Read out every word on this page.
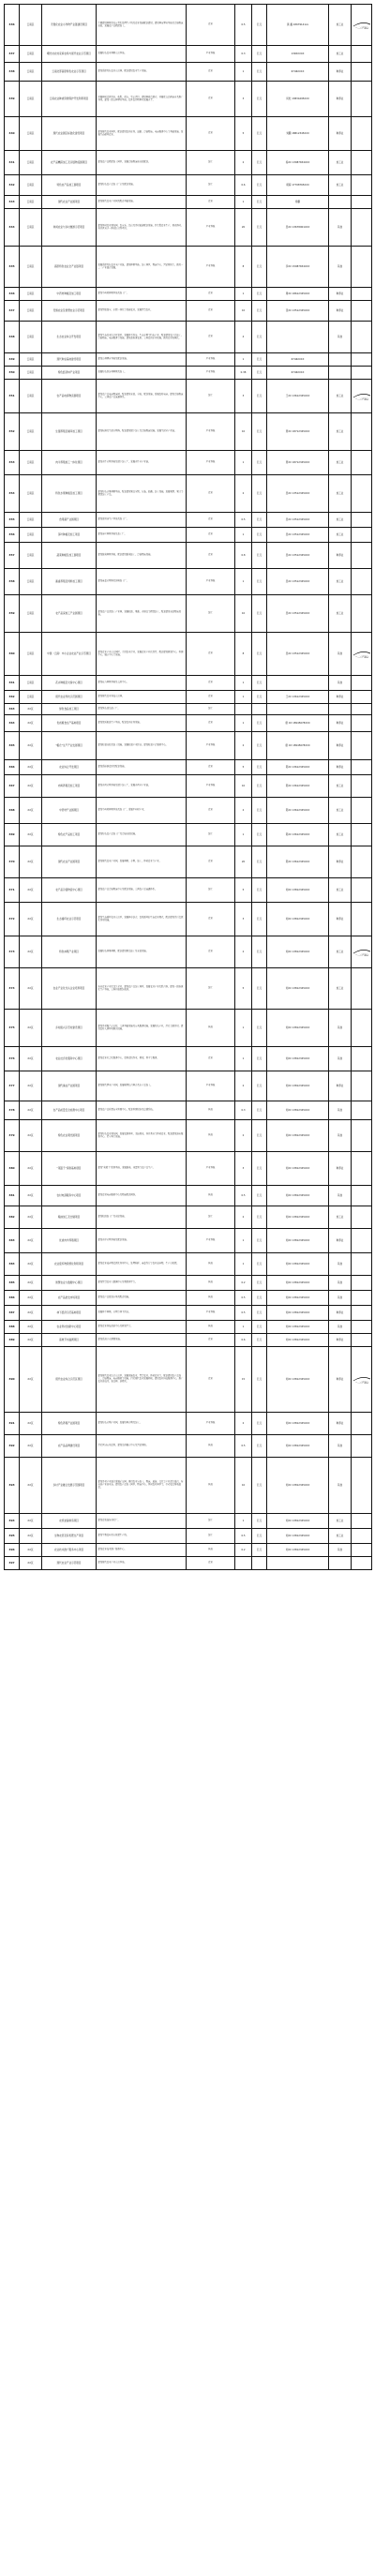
336	云南区	无毒化农业小作物产业链建设项目	主要建设种植及无公害化处理生产线及农业设施配套建设，建设种苗繁育基地及冷链物流仓储，发展农产品精深加工。	农业	0.5	亿元	黄 鑫 18679141xx	加工业	一二三产融合

337	云南区	曙光村农村家庭农场与现代农业示范项目	发展特色农业种植示范基地。	产业基地	0.3	亿元	139XXXXX	加工业	
338	云南区	云南北部高原特色农业示范项目	建设高原特色农业示范园，配套建设农业生产设施。	农业	1	亿元	6746XXXX	种养业	
339	云南区	云南农业种质资源保护开发利用项目	开展种质资源普查、收集、保存、鉴定评价，建设种质资源库，开展优良品种选育及推广利用。建设一批良种繁育基地，提升农作物种业发展水平。	农业	3	亿元	何杜 13834295XXX	种养业	
340	云南区	现代农业园区标准化建设项目	建设现代农业园区，配套建设农田水利、道路、冷链物流、电商服务中心等基础设施，发展生态循环农业。	农业	5	亿元	刘鹏 18812345XXX	种养业	
341	云南区	农产品精深加工及冷链物流园项目	建设农产品精深加工园区，发展冷链物流和仓储配送。	加工	2	亿元	杨XX 13987654XXX	加工业	
342	云南区	特色农产品加工园项目	建设特色农产品加工厂房及配套设施。	加工	0.6	亿元	胡海 17798765XXX	加工业	
343	云南区	现代农业产业园项目	建设现代农业产业园及配套基础设施。	农业	1	亿元	徐鹏		
344	云南区	休闲农业与乡村旅游示范项目	建设休闲农业观光园、农家乐、民宿及乡村旅游配套设施，打造集农业生产、观光休闲、科普教育于一体的综合性项目。	产业基地	20	亿元	吴XX 13678901XXX	其他	
345	云南区	高原特色农业全产业链项目	发展高原特色农业全产业链，建设种植基地、加工园区、物流中心、营销网络等，推进一二三产业融合发展。	产业基地	8	亿元	李XX 15987654XXX	其他	
346	云南区	中药材种植及加工项目	建设中药材种植基地及加工厂。	农业	1	亿元	周XX 18612345XXX	种养业	
347	云南区	设施农业及智慧农业示范项目	建设智能温室、水肥一体化等设施农业，发展智慧农业。	农业	10	亿元	张XX 13512345XXX	种养业	
348	云南区	生态农业综合开发项目	建设生态农业综合开发区，发展林下经济、生态养殖等特色产业，配套建设农产品加工、冷链物流、电商服务等设施。建设高标准农田，完善农田水利设施，推进农业机械化。	农业	4	亿元		其他	
349	云南区	现代种业基地建设项目	建设良种繁育基地及配套设施。	产业基地	1	亿元	6746XXXX		
350	云南区	特色经济林产业项目	发展特色经济林种植及加工。	产业基地	0.38	亿元	6746XXXX		
351	云南区	农产品电商物流园项目	建设农产品电商物流园，配套建设仓储、分拣、配送设施，发展农村电商。建设冷链物流中心，完善农产品流通体系。	加工	3	亿元	王XX 13612345XXX	加工业	一二三产融合

352	云南区	生猪养殖及屠宰加工项目	建设标准化生猪养殖场，配套建设屠宰加工及冷链物流设施，发展生猪全产业链。	产业基地	10	亿元	贾XX 18712345XXX	加工业	
353	云南区	肉牛养殖加工一体化项目	建设肉牛养殖基地及屠宰加工厂，发展肉牛全产业链。	产业基地	1	亿元	贾XX 18712345XXX	加工业	
354	云南区	特色水果种植及加工项目	建设特色水果种植基地，配套建设果品分级、包装、储藏、加工设施，发展果酒、果汁等精深加工产品。	农业	2	亿元	吴XX 13512345XXX	加工业	
355	云南区	食用菌产业园项目	建设食用菌生产基地及加工厂。	农业	0.5	亿元	吴XX 13512345XXX	加工业	
356	云南区	茶叶种植及加工项目	建设茶叶种植基地及加工厂。	农业	1	亿元	吴XX 13512345XXX	加工业	
357	云南区	蔬菜种植及加工园项目	建设蔬菜种植基地，配套建设蔬菜加工、冷链物流设施。	农业	0.8	亿元	吴XX 13512345XXX	种养业	
358	云南区	畜禽养殖及饲料加工项目	建设畜禽养殖场及饲料加工厂。	产业基地	1	亿元	吴XX 13512345XXX	加工业	
359	云南区	农产品深加工产业园项目	建设农产品深加工产业园，发展粮油、果蔬、肉制品等精深加工，配套建设仓储物流设施。	加工	10	亿元	吴XX 13512345XXX	加工业	
360	云南区	中国（云南）中小企业农业产业示范项目	建设农业产业示范园区，引进农业企业，发展农业产业化经营，配套建设研发中心、检测中心、展示中心等设施。	农业	8	亿元	吴XX 13512345XXX	其他	一二三产融合

361	云南区	花卉种植及交易中心项目	建设花卉种植基地及交易中心。	农业	1	亿元		其他	
362	云南区	现代农业科技示范园项目	建设现代农业科技示范园。	农业	1	亿元	王XX 13612345XXX	种养业	
363	XX区	绿色食品加工项目	建设绿色食品加工厂。	加工					
364	XX区	优质粮食生产基地项目	建设优质粮食生产基地，配套农田水利设施。	农业	1	亿元	唐 XX 18945678XXX	种养业	
365	XX区	“粮仓”生产产业发展项目	建设粮食仓储及加工设施，发展粮食产业经济，建设粮食产后服务中心。	产业基地	2	亿元	唐 XX 18945678XXX	种养业	
366	XX区	农业综合开发项目	建设高标准农田及配套设施。	农业	5	亿元	陈XX 13612345XXX	种养业	
367	XX区	肉鸡养殖及加工项目	建设肉鸡养殖基地及屠宰加工厂，发展肉鸡全产业链。	产业基地	10	亿元	陈XX 13612345XXX	加工业	
368	XX区	中药材产业园项目	建设中药材种植基地及加工厂，发展中药材产业。	农业	2	亿元	陈XX 13612345XXX	加工业	
369	XX区	特色农产品加工项目	建设特色农产品加工厂及冷链仓储设施。	加工	1	亿元	陈XX 13612345XXX	加工业	
370	XX区	现代农业产业园项目	建设现代农业产业园，发展种植、养殖、加工、休闲农业等产业。	农业	20	亿元	陈XX 13612345XXX	种养业	
371	XX区	农产品冷链物流中心项目	建设农产品冷链物流中心及配套设施，完善农产品流通体系。	加工	5	亿元	刘XX 13812345XXX	加工业	
372	XX区	生态循环农业示范项目	建设生态循环农业示范区，发展种养结合、农牧循环的生态农业模式，配套建设粪污资源化利用设施。	农业	3	亿元	刘XX 13812345XXX	种养业	
373	XX区	特色林果产业项目	发展特色林果种植，配套建设果品加工及仓储设施。	农业	2	亿元	刘XX 13812345XXX	加工业	一二三产融合

374	XX区	农业产业化龙头企业培育项目	培育农业产业化龙头企业，建设农产品加工园区，发展农业产业化联合体。建设一批标准化生产基地，完善利益联结机制。	加工	5	亿元	刘XX 13812345XXX	加工业	
375	XX区	乡村振兴示范村建设项目	建设乡村振兴示范村，完善基础设施及公共服务设施，发展特色产业，打造美丽乡村。建设农村人居环境整治设施。	其他	1	亿元	刘XX 13812345XXX	其他	
376	XX区	农业社会化服务中心项目	建设农业社会化服务中心，提供农机作业、植保、烘干等服务。	农业	1	亿元	刘XX 13812345XXX	其他	
377	XX区	现代渔业产业园项目	建设现代渔业产业园，发展稻渔综合种养及水产品加工。	产业基地	2	亿元	刘XX 13812345XXX	种养业	
378	XX区	农产品质量安全检测中心项目	建设农产品质量安全检测中心，配套检测设备及追溯系统。	其他	0.3	亿元	刘XX 13812345XXX	其他	
379	XX区	特色农业观光园项目	建设特色农业观光园，发展农事体验、采摘观光、科普教育等休闲农业，配套建设游客服务中心、停车场等设施。	其他	2	亿元	刘XX 13812345XXX	其他	
380	XX区	“菜篮子”保供基地项目	建设“菜篮子”保供基地，发展蔬菜、肉蛋奶等农产品生产。	产业基地	3	亿元	刘XX 13812345XXX	种养业	
381	XX区	农村电商服务中心项目	建设农村电商服务中心及物流配送网络。	其他	0.5	亿元	刘XX 13812345XXX	其他	
382	XX区	粮油加工及仓储项目	建设粮油加工厂及仓储设施。	加工	2	亿元	刘XX 13812345XXX	加工业	
383	XX区	优质肉羊养殖项目	建设肉羊养殖基地及配套设施。	产业基地	1	亿元	刘XX 13812345XXX	种养业	
384	XX区	农业废弃物资源化利用项目	建设农业废弃物资源化利用中心，处理秸秆、畜禽粪污等农业废弃物，生产有机肥。	其他	1	亿元	刘XX 13812345XXX	其他	
385	XX区	智慧农业大数据中心项目	建设智慧农业大数据中心及物联网平台。	其他	0.2	亿元	刘XX 13812345XXX	其他	
386	XX区	农产品批发市场项目	建设农产品批发市场及配套设施。	其他	0.5	亿元	刘XX 13812345XXX	其他	
387	XX区	林下经济示范基地项目	发展林下种植、养殖等林下经济。	产业基地	0.5	亿元	刘XX 13812345XXX	种养业	
388	XX区	农业科技创新中心项目	建设农业科技创新中心及研发平台。	其他	1	亿元	刘XX 13812345XXX	其他	
389	XX区	高效节水灌溉项目	建设高效节水灌溉设施。	农业	0.6	亿元	刘XX 13812345XXX	种养业	
390	XX区	现代农业综合示范区项目	建设现代农业综合示范区，发展设施农业、智慧农业、休闲农业等，配套建设农产品加工、冷链物流、电商服务等设施，打造现代农业发展样板。建设农业科技服务中心，推广农业新技术、新品种、新模式。	农业	15	亿元	刘XX 13812345XXX	种养业	一二三产融合

391	XX区	特色养殖产业园项目	建设特色养殖产业园，发展特种养殖及加工。	产业基地	2	亿元	刘XX 13812345XXX	种养业	
392	XX区	农产品品牌建设项目	打造区域公用品牌，建设品牌展示中心及营销网络。	其他	0.5	亿元	刘XX 13812345XXX	其他	
393	XX区	乡村产业融合发展示范园项目	建设乡村产业融合发展示范园，推进农业与加工、物流、旅游、文化等产业深度融合，培育新产业新业态。建设农产品加工园区、物流中心、休闲农业园区等，带动农民增收致富。	其他	10	亿元	刘XX 13812345XXX	其他	
394	XX区	农机装备制造项目	建设农机装备制造厂。	加工	1	亿元	刘XX 13812345XXX	加工业	
395	XX区	生物农药及有机肥生产项目	建设生物农药及有机肥生产线。	加工	0.5	亿元	刘XX 13812345XXX	加工业	
396	XX区	农业技术推广服务中心项目	建设农业技术推广服务中心。	其他	0.2	亿元	刘XX 13812345XXX	其他	
397	XX区	现代农业产业示范项目	建设现代农业产业示范基地。	农业					
